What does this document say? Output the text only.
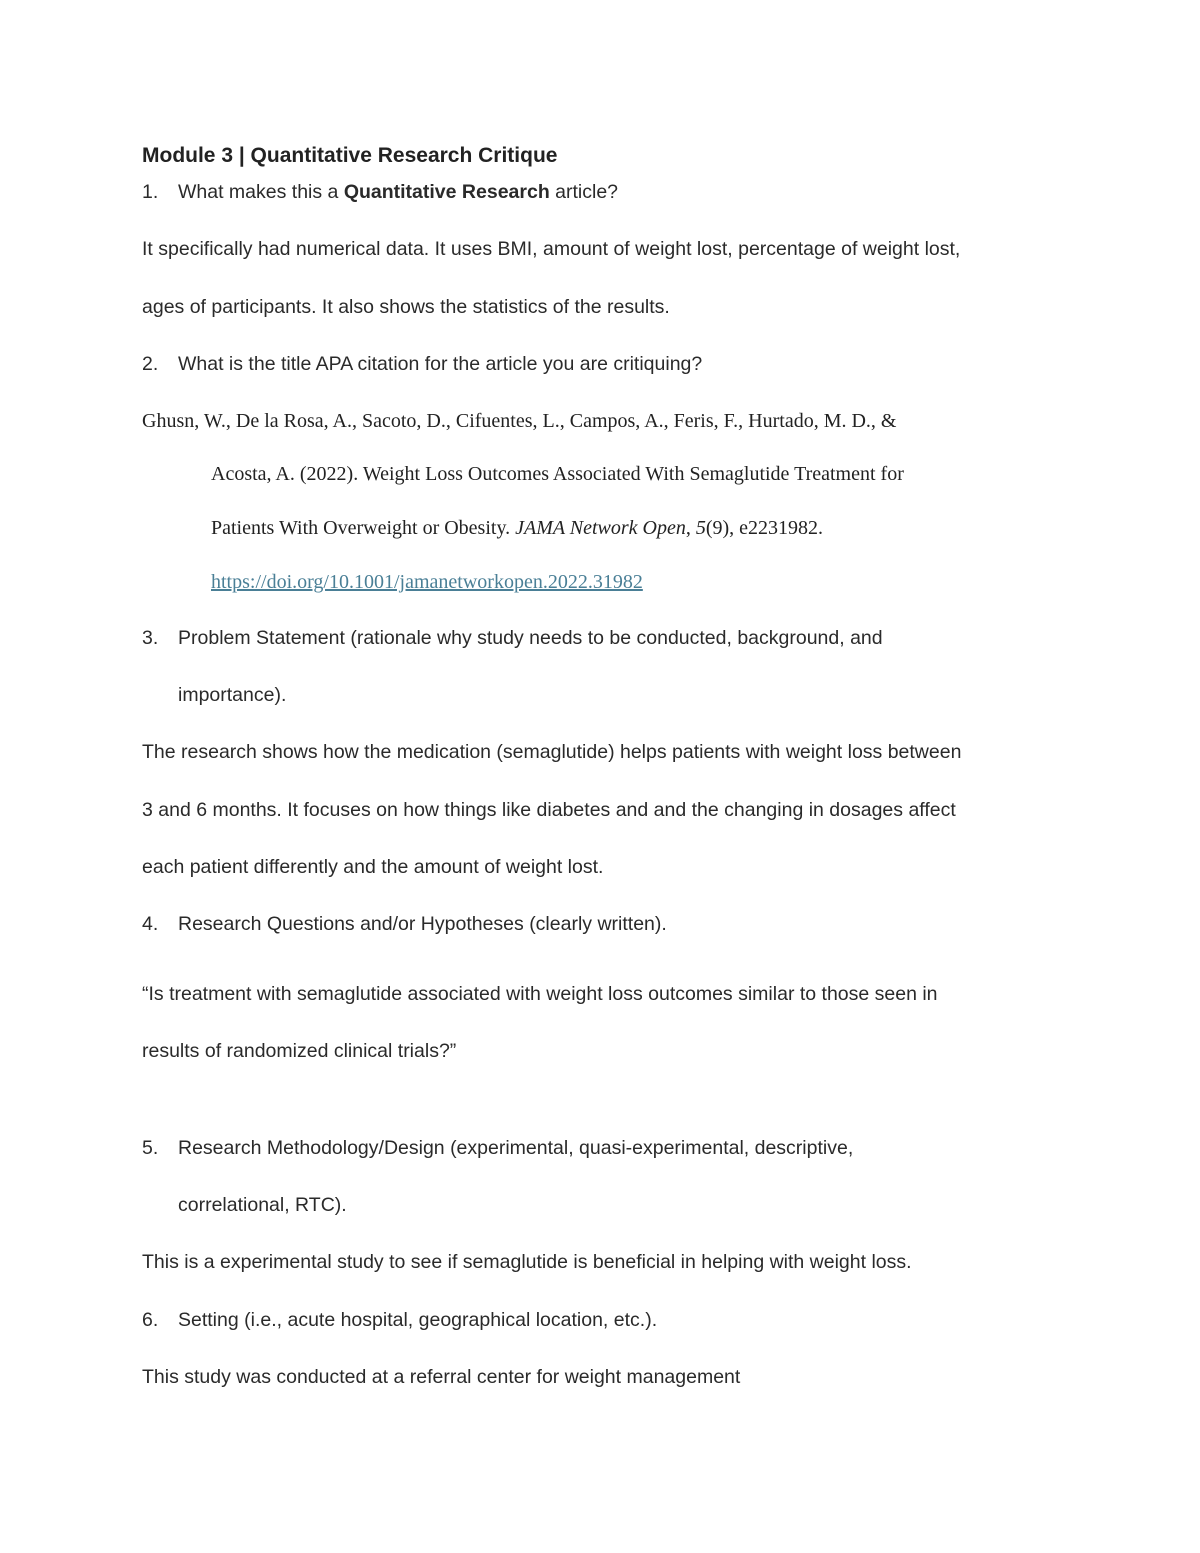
Module 3 | Quantitative Research Critique
1. What makes this a Quantitative Research article?
It specifically had numerical data. It uses BMI, amount of weight lost, percentage of weight lost,
ages of participants. It also shows the statistics of the results.
2. What is the title APA citation for the article you are critiquing?
Ghusn, W., De la Rosa, A., Sacoto, D., Cifuentes, L., Campos, A., Feris, F., Hurtado, M. D., &
Acosta, A. (2022). Weight Loss Outcomes Associated With Semaglutide Treatment for
Patients With Overweight or Obesity. JAMA Network Open, 5(9), e2231982.
https://doi.org/10.1001/jamanetworkopen.2022.31982
3. Problem Statement (rationale why study needs to be conducted, background, and
importance).
The research shows how the medication (semaglutide) helps patients with weight loss between
3 and 6 months. It focuses on how things like diabetes and and the changing in dosages affect
each patient differently and the amount of weight lost.
4. Research Questions and/or Hypotheses (clearly written).
“Is treatment with semaglutide associated with weight loss outcomes similar to those seen in
results of randomized clinical trials?”
5. Research Methodology/Design (experimental, quasi-experimental, descriptive,
correlational, RTC).
This is a experimental study to see if semaglutide is beneficial in helping with weight loss.
6. Setting (i.e., acute hospital, geographical location, etc.).
This study was conducted at a referral center for weight management
